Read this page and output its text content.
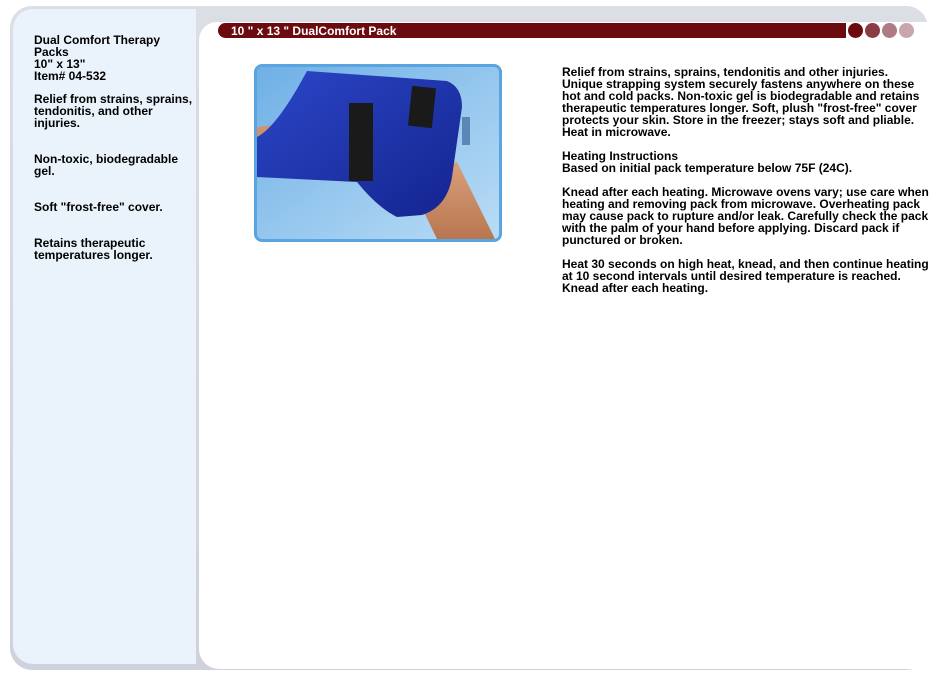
Dual Comfort Therapy Packs
10" x 13"
Item# 04-532
Relief from strains, sprains, tendonitis, and other injuries.
Non-toxic, biodegradable gel.
Soft "frost-free" cover.
Retains therapeutic temperatures longer.
10 " x 13 " DualComfort Pack

Relief from strains, sprains, tendonitis and other injuries. Unique strapping system securely fastens anywhere on these hot and cold packs. Non-toxic gel is biodegradable and retains therapeutic temperatures longer. Soft, plush "frost-free" cover protects your skin. Store in the freezer; stays soft and pliable. Heat in microwave.

Heating Instructions
Based on initial pack temperature below 75F (24C).

Knead after each heating. Microwave ovens vary; use care when heating and removing pack from microwave. Overheating pack may cause pack to rupture and/or leak. Carefully check the pack with the palm of your hand before applying. Discard pack if punctured or broken.

Heat 30 seconds on high heat, knead, and then continue heating at 10 second intervals until desired temperature is reached. Knead after each heating.
